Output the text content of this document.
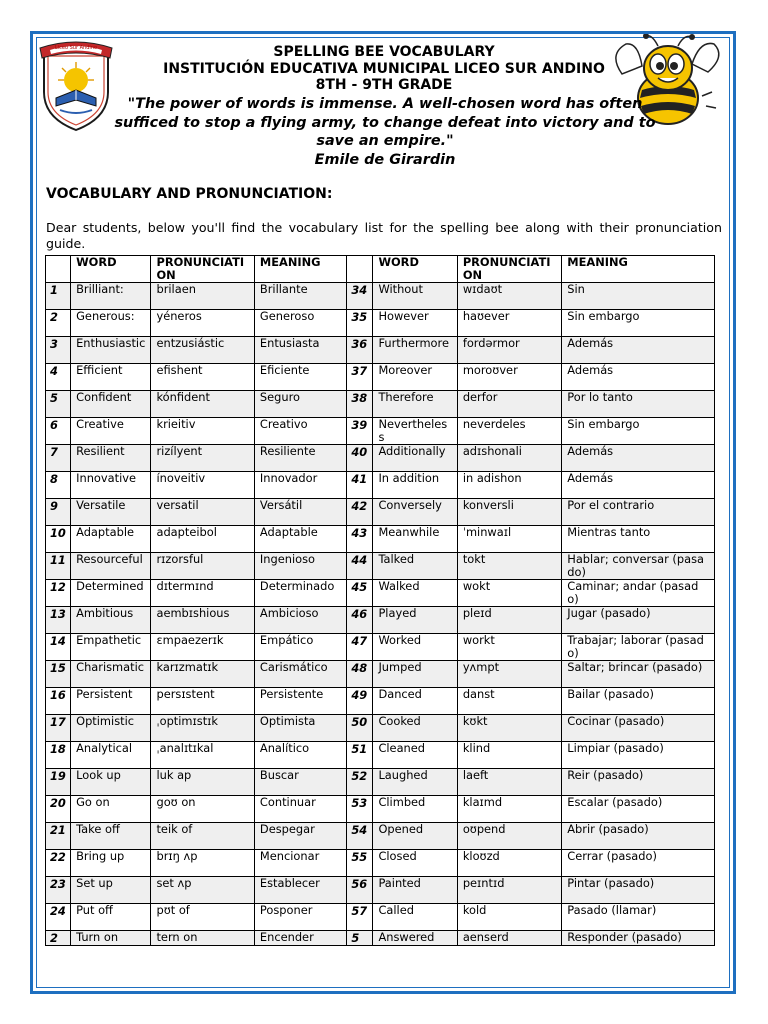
Liceo Sur Andino	SPELLING BEE VOCABULARY
INSTITUCIÓN EDUCATIVA MUNICIPAL LICEO SUR ANDINO
8TH - 9TH GRADE
"The power of words is immense. A well-chosen word has often
sufficed to stop a flying army, to change defeat into victory and to
save an empire."
Emile de Girardin
VOCABULARY AND PRONUNCIATION:
Dear students, below you'll find the vocabulary list for the spelling bee along with their pronunciation guide.
	WORD	PRONUNCIATION	MEANING		WORD	PRONUNCIATION	MEANING
1	Brilliant:	brilaen	Brillante	34	Without	wɪdaʊt	Sin
2	Generous:	yéneros	Generoso	35	However	haʊever	Sin embargo
3	Enthusiastic	entzusiástic	Entusiasta	36	Furthermore	fordərmor	Además
4	Efficient	efishent	Eficiente	37	Moreover	moroʊver	Además
5	Confident	kónfident	Seguro	38	Therefore	derfor	Por lo tanto
6	Creative	krieitiv	Creativo	39	Nevertheless	neverdeles	Sin embargo
7	Resilient	rizílyent	Resiliente	40	Additionally	adɪshonali	Además
8	Innovative	ínoveitiv	Innovador	41	In addition	in adishon	Además
9	Versatile	versatil	Versátil	42	Conversely	konversli	Por el contrario
10	Adaptable	adapteibol	Adaptable	43	Meanwhile	ˈminwaɪl	Mientras tanto
11	Resourceful	rɪzorsful	Ingenioso	44	Talked	tokt	Hablar; conversar (pasado)
12	Determined	dɪtermɪnd	Determinado	45	Walked	wokt	Caminar; andar (pasado)
13	Ambitious	aembɪshious	Ambicioso	46	Played	pleɪd	Jugar (pasado)
14	Empathetic	ɛmpaezerɪk	Empático	47	Worked	workt	Trabajar; laborar (pasado)
15	Charismatic	karɪzmatɪk	Carismático	48	Jumped	yʌmpt	Saltar; brincar (pasado)
16	Persistent	persɪstent	Persistente	49	Danced	danst	Bailar (pasado)
17	Optimistic	ˌoptimɪstɪk	Optimista	50	Cooked	kʊkt	Cocinar (pasado)
18	Analytical	ˌanalɪtɪkal	Analítico	51	Cleaned	klind	Limpiar (pasado)
19	Look up	luk ap	Buscar	52	Laughed	laeft	Reir (pasado)
20	Go on	goʊ on	Continuar	53	Climbed	klaɪmd	Escalar (pasado)
21	Take off	teik of	Despegar	54	Opened	oʊpend	Abrir (pasado)
22	Bring up	brɪŋ ʌp	Mencionar	55	Closed	kloʊzd	Cerrar (pasado)
23	Set up	set ʌp	Establecer	56	Painted	peɪntɪd	Pintar (pasado)
24	Put off	pʊt of	Posponer	57	Called	kold	Pasado (llamar)
2	Turn on	tern on	Encender	5	Answered	aenserd	Responder (pasado)
